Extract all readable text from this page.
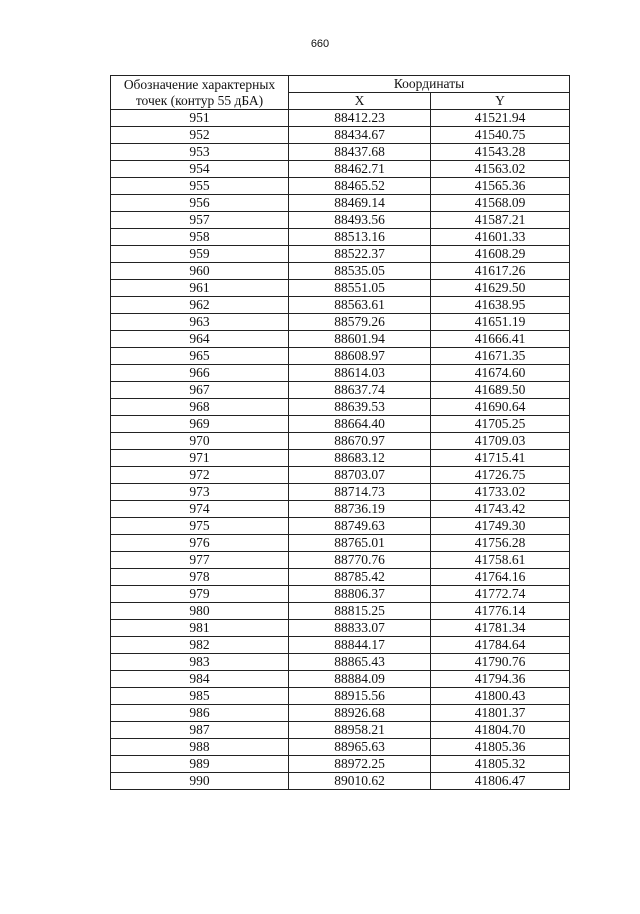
660
Обозначение характерных точек (контур 55 дБА)	Координаты	
	X	Y
951	88412.23	41521.94
952	88434.67	41540.75
953	88437.68	41543.28
954	88462.71	41563.02
955	88465.52	41565.36
956	88469.14	41568.09
957	88493.56	41587.21
958	88513.16	41601.33
959	88522.37	41608.29
960	88535.05	41617.26
961	88551.05	41629.50
962	88563.61	41638.95
963	88579.26	41651.19
964	88601.94	41666.41
965	88608.97	41671.35
966	88614.03	41674.60
967	88637.74	41689.50
968	88639.53	41690.64
969	88664.40	41705.25
970	88670.97	41709.03
971	88683.12	41715.41
972	88703.07	41726.75
973	88714.73	41733.02
974	88736.19	41743.42
975	88749.63	41749.30
976	88765.01	41756.28
977	88770.76	41758.61
978	88785.42	41764.16
979	88806.37	41772.74
980	88815.25	41776.14
981	88833.07	41781.34
982	88844.17	41784.64
983	88865.43	41790.76
984	88884.09	41794.36
985	88915.56	41800.43
986	88926.68	41801.37
987	88958.21	41804.70
988	88965.63	41805.36
989	88972.25	41805.32
990	89010.62	41806.47
